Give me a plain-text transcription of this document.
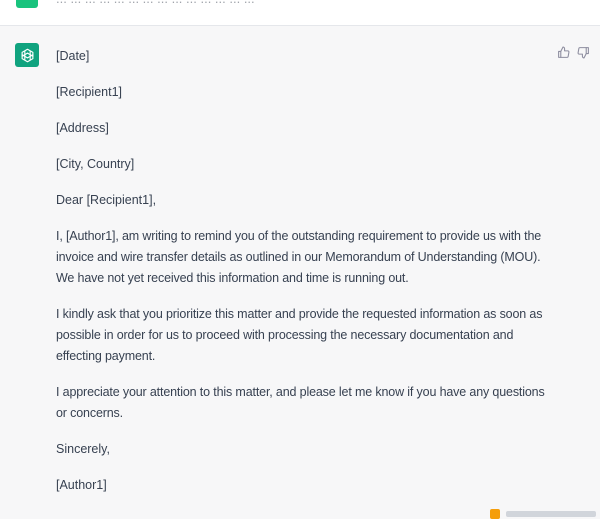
[Date]

[Recipient1]

[Address]

[City, Country]

Dear [Recipient1],

I, [Author1], am writing to remind you of the outstanding requirement to provide us with the invoice and wire transfer details as outlined in our Memorandum of Understanding (MOU). We have not yet received this information and time is running out.

I kindly ask that you prioritize this matter and provide the requested information as soon as possible in order for us to proceed with processing the necessary documentation and effecting payment.

I appreciate your attention to this matter, and please let me know if you have any questions or concerns.

Sincerely,

[Author1]
